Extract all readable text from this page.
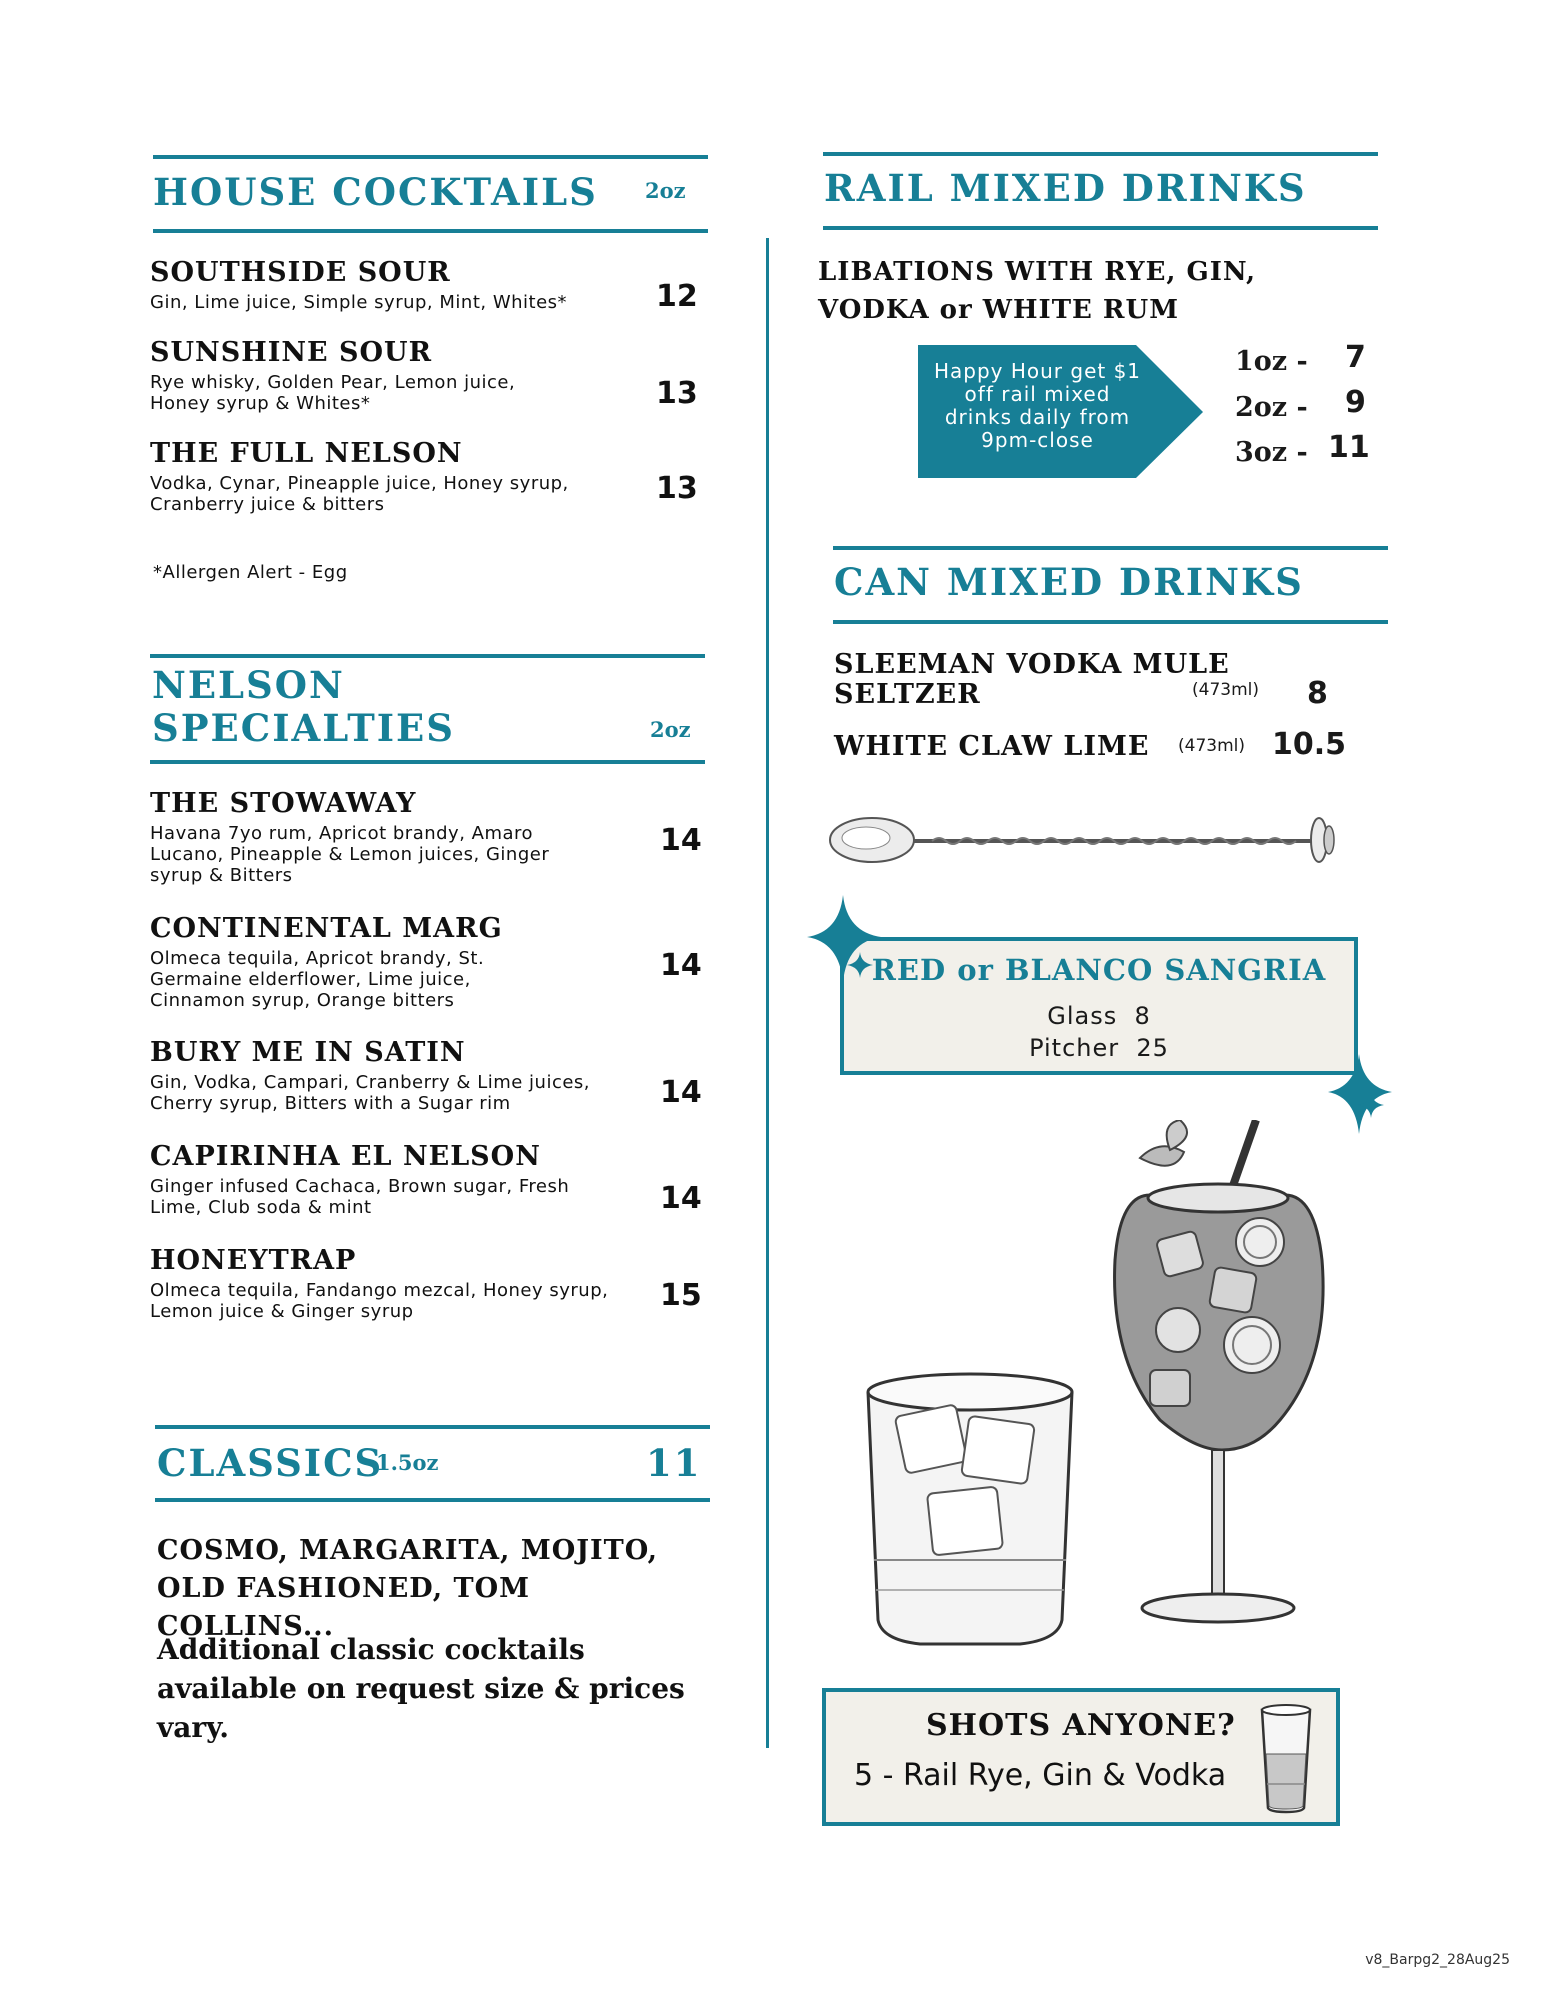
HOUSE COCKTAILS 2oz
SOUTHSIDE SOUR
Gin, Lime juice, Simple syrup, Mint, Whites*	12
SUNSHINE SOUR
Rye whisky, Golden Pear, Lemon juice, Honey syrup & Whites*	13
THE FULL NELSON
Vodka, Cynar, Pineapple juice, Honey syrup, Cranberry juice & bitters	13
*Allergen Alert - Egg
NELSON
SPECIALTIES	2oz
THE STOWAWAY
Havana 7yo rum, Apricot brandy, Amaro Lucano, Pineapple & Lemon juices, Ginger syrup & Bitters
14
CONTINENTAL MARG
Olmeca tequila, Apricot brandy, St. Germaine elderflower, Lime juice, Cinnamon syrup, Orange bitters
14
BURY ME IN SATIN
Gin, Vodka, Campari, Cranberry & Lime juices, Cherry syrup, Bitters with a Sugar rim	14
CAPIRINHA EL NELSON
Ginger infused Cachaca, Brown sugar, Fresh Lime, Club soda & mint	14
HONEYTRAP
Olmeca tequila, Fandango mezcal, Honey syrup, Lemon juice & Ginger syrup	15
CLASSICS
1.5oz	11
COSMO, MARGARITA, MOJITO, OLD FASHIONED, TOM COLLINS...
Additional classic cocktails available on request size & prices vary.
RAIL MIXED DRINKS
LIBATIONS WITH RYE, GIN, VODKA or WHITE RUM
Happy Hour get $1 off rail mixed drinks daily from 9pm-close
1oz - 7
2oz - 9
3oz - 11
CAN MIXED DRINKS
SLEEMAN VODKA MULE
SELTZER	(473ml) 8
WHITE CLAW LIME (473ml) 10.5
RED or BLANCO SANGRIA
Glass  8
Pitcher  25
SHOTS ANYONE?
5 - Rail Rye, Gin & Vodka
v8_Barpg2_28Aug25
